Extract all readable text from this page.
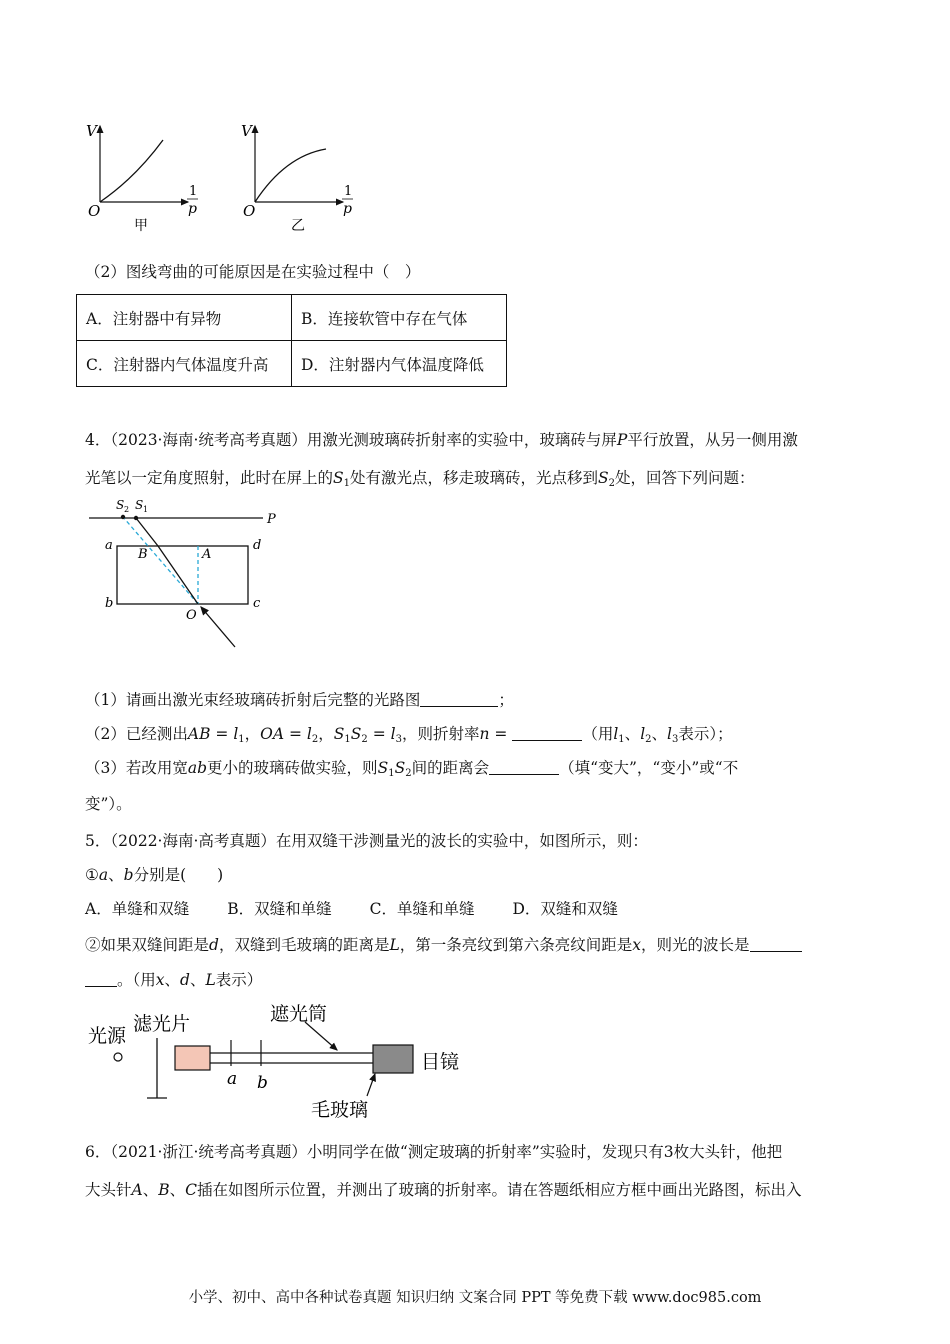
V
O
1
p
甲
V
O
1
p
乙
（2）图线弯曲的可能原因是在实验过程中（　）
A．注射器中有异物	B．连接软管中存在气体
C．注射器内气体温度升高	D．注射器内气体温度降低
4．（2023·海南·统考高考真题）用激光测玻璃砖折射率的实验中，玻璃砖与屏P平行放置，从另一侧用激
光笔以一定角度照射，此时在屏上的$S_1$处有激光点，移走玻璃砖，光点移到$S_2$处，回答下列问题：
S 2 S 1
P
a	d
b	c
B	A
O
（1）请画出激光束经玻璃砖折射后完整的光路图	；
（2）已经测出AB = $l_1$，OA = $l_2$，$S_1S_2 = l_3$，则折射率n =	（用$l_1$、$l_2$、$l_3$表示）；
（3）若改用宽ab更小的玻璃砖做实验，则$S_1S_2$间的距离会	（填“变大”，“变小”或“不
变”）。
5．（2022·海南·高考真题）在用双缝干涉测量光的波长的实验中，如图所示，则：
①a、b分别是(　　)
A．单缝和双缝 B．双缝和单缝 C．单缝和单缝 D．双缝和双缝
②如果双缝间距是d，双缝到毛玻璃的距离是L，第一条亮纹到第六条亮纹间距是x，则光的波长是
。（用x、d、L表示）
光源
滤光片	遮光筒
目镜
毛玻璃
a b
6．（2021·浙江·统考高考真题）小明同学在做“测定玻璃的折射率”实验时，发现只有3枚大头针，他把
大头针A、B、C插在如图所示位置，并测出了玻璃的折射率。请在答题纸相应方框中画出光路图，标出入
小学、初中、高中各种试卷真题 知识归纳 文案合同 PPT 等免费下载 www.doc985.com
